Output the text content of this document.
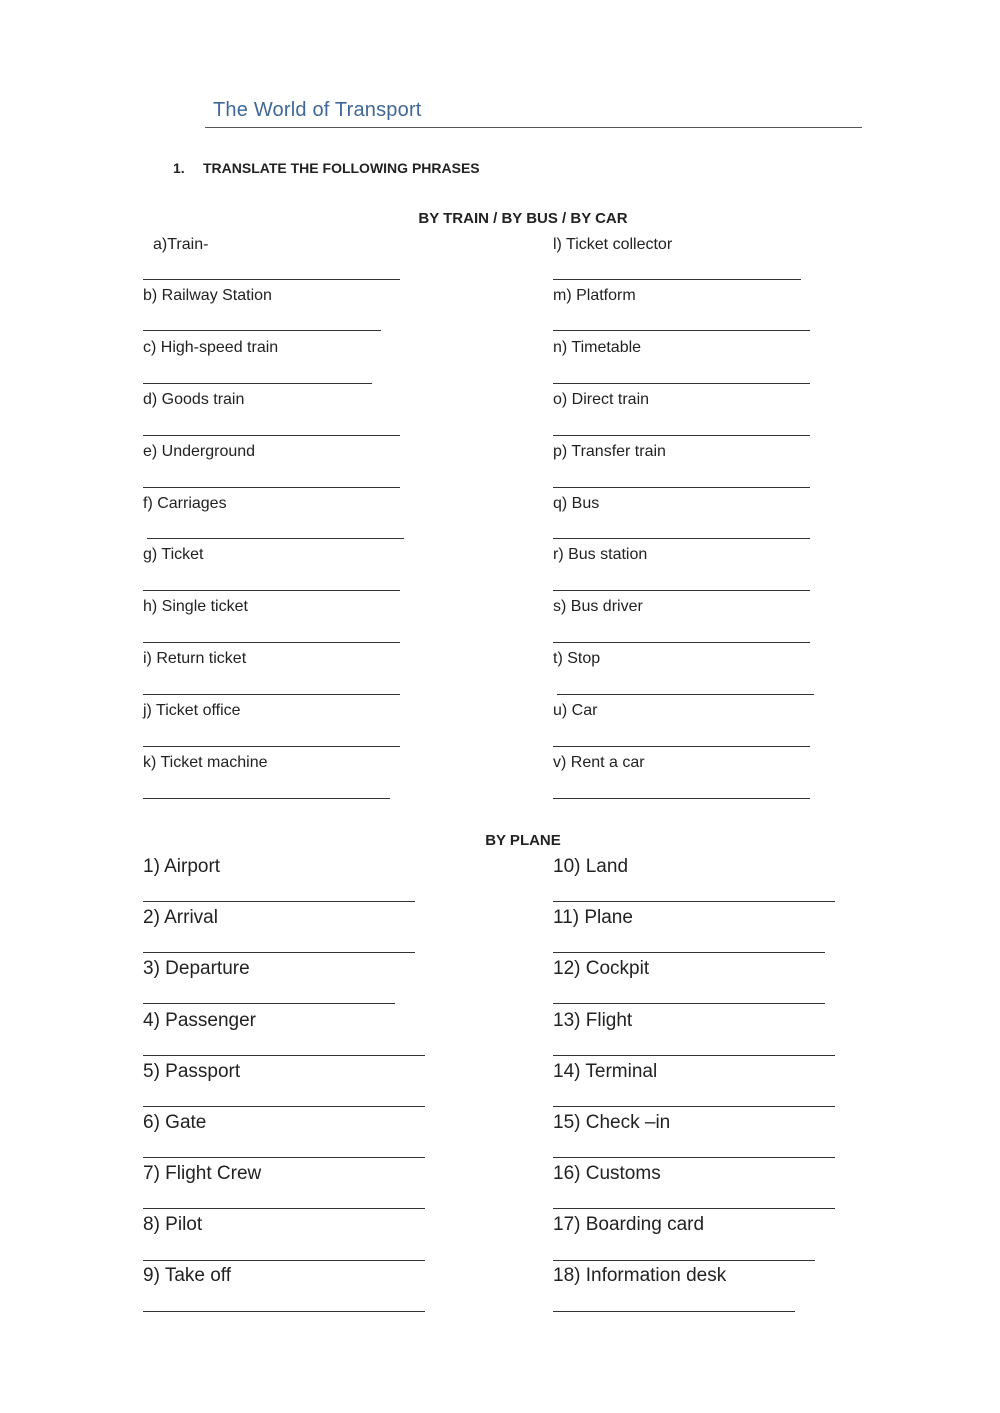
The World of Transport
1. TRANSLATE THE FOLLOWING PHRASES
BY TRAIN / BY BUS / BY CAR
a)Train-
b) Railway Station
c) High-speed train
d) Goods train
e) Underground
f) Carriages
g) Ticket
h) Single ticket
i) Return ticket
j) Ticket office
k) Ticket machine
l) Ticket collector
m) Platform
n) Timetable
o) Direct train
p) Transfer train
q) Bus
r) Bus station
s) Bus driver
t) Stop
u) Car
v) Rent a car
BY PLANE
1) Airport
2) Arrival
3) Departure
4) Passenger
5) Passport
6) Gate
7) Flight Crew
8) Pilot
9) Take off
10) Land
11) Plane
12) Cockpit
13) Flight
14) Terminal
15) Check –in
16) Customs
17) Boarding card
18) Information desk
